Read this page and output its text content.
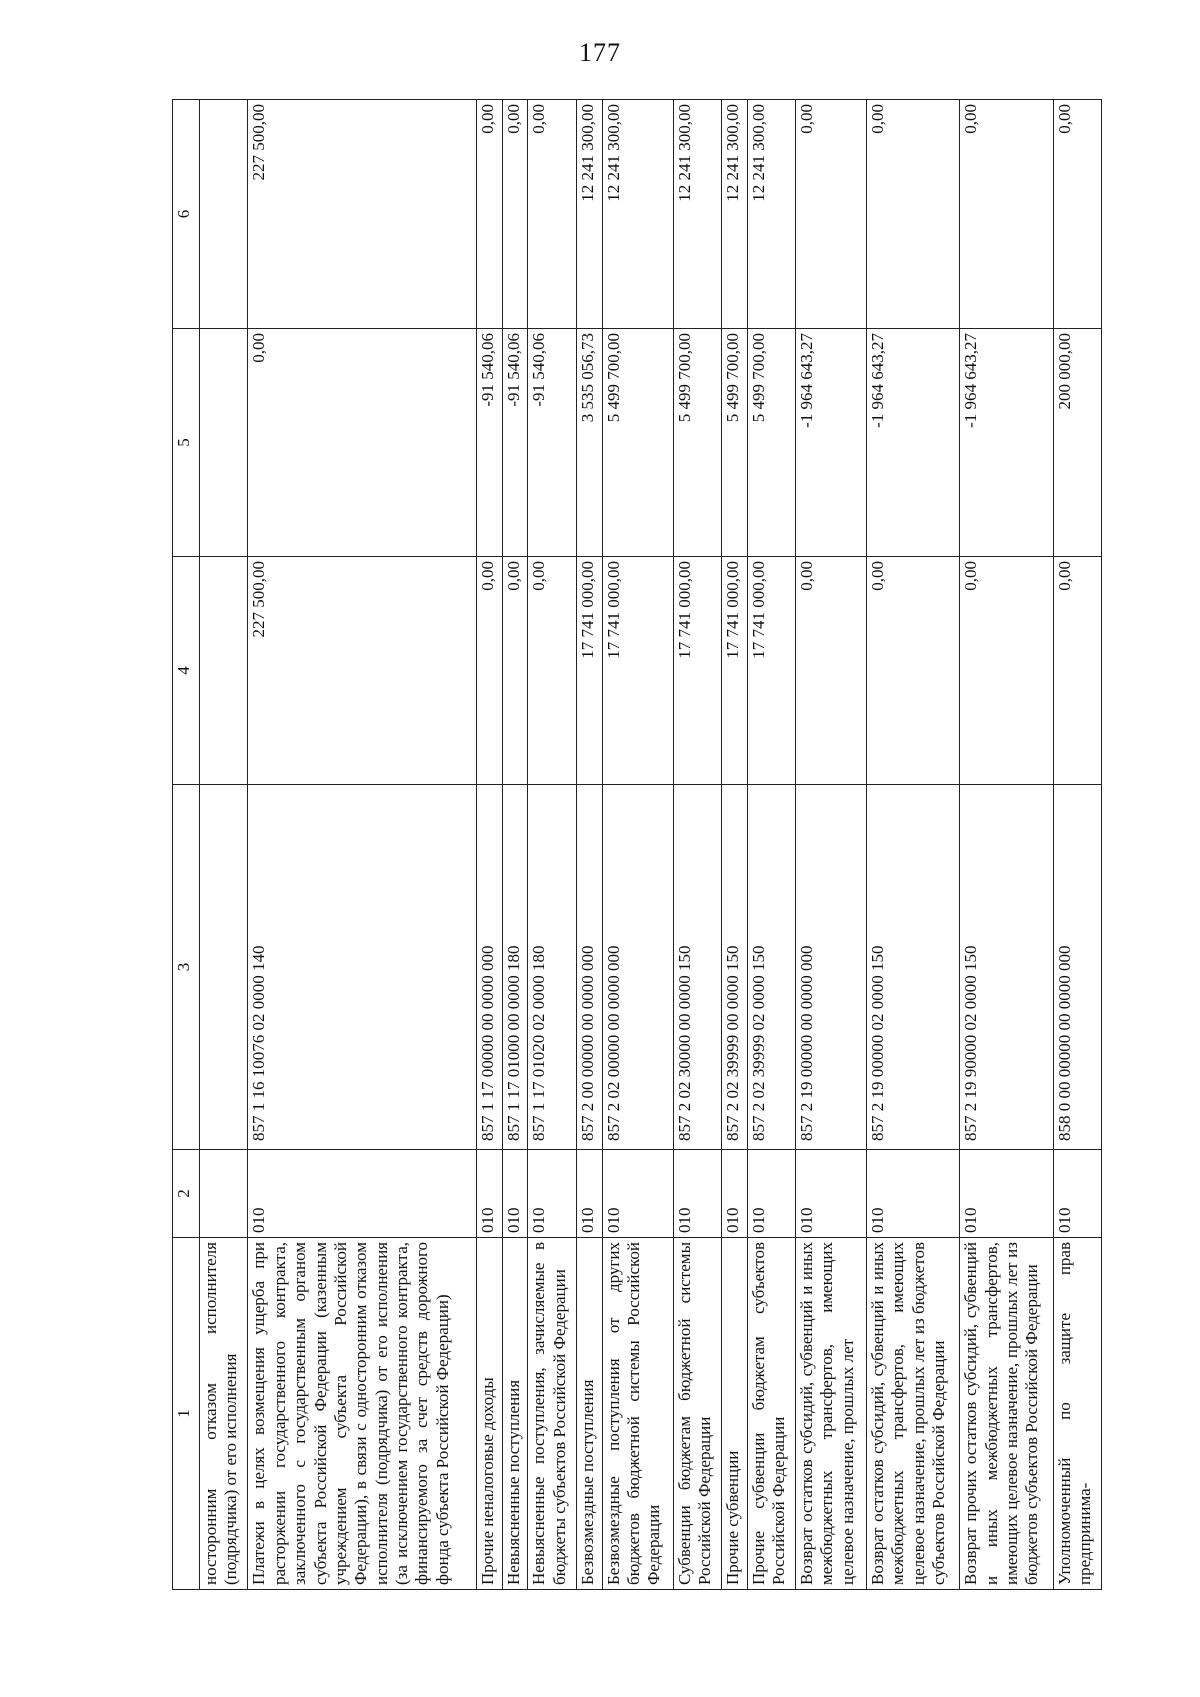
177
1	2	3	4	5	6
носторонним отказом исполнителя (подрядчика) от его исполнения					
Платежи в целях возмещения ущерба при расторжении государственного контракта, заключенного с государственным органом субъекта Российской Федерации (казенным учреждением субъекта Российской Федерации), в связи с односторонним отказом исполнителя (подрядчика) от его исполнения (за исключением государственного контракта, финансируемого за счет средств дорожного фонда субъекта Российской Федерации)	010	857 1 16 10076 02 0000 140	227 500,00	0,00	227 500,00
Прочие неналоговые доходы	010	857 1 17 00000 00 0000 000	0,00	-91 540,06	0,00
Невыясненные поступления	010	857 1 17 01000 00 0000 180	0,00	-91 540,06	0,00
Невыясненные поступления, зачисляемые в бюджеты субъектов Российской Федерации	010	857 1 17 01020 02 0000 180	0,00	-91 540,06	0,00
Безвозмездные поступления	010	857 2 00 00000 00 0000 000	17 741 000,00	3 535 056,73	12 241 300,00
Безвозмездные поступления от других бюджетов бюджетной системы Российской Федерации	010	857 2 02 00000 00 0000 000	17 741 000,00	5 499 700,00	12 241 300,00
Субвенции бюджетам бюджетной системы Российской Федерации	010	857 2 02 30000 00 0000 150	17 741 000,00	5 499 700,00	12 241 300,00
Прочие субвенции	010	857 2 02 39999 00 0000 150	17 741 000,00	5 499 700,00	12 241 300,00
Прочие субвенции бюджетам субъектов Российской Федерации	010	857 2 02 39999 02 0000 150	17 741 000,00	5 499 700,00	12 241 300,00
Возврат остатков субсидий, субвенций и иных межбюджетных трансфертов, имеющих целевое назначение, прошлых лет	010	857 2 19 00000 00 0000 000	0,00	-1 964 643,27	0,00
Возврат остатков субсидий, субвенций и иных межбюджетных трансфертов, имеющих целевое назначение, прошлых лет из бюджетов субъектов Российской Федерации	010	857 2 19 00000 02 0000 150	0,00	-1 964 643,27	0,00
Возврат прочих остатков субсидий, субвенций и иных межбюджетных трансфертов, имеющих целевое назначение, прошлых лет из бюджетов субъектов Российской Федерации	010	857 2 19 90000 02 0000 150	0,00	-1 964 643,27	0,00
Уполномоченный по защите прав предпринима-	010	858 0 00 00000 00 0000 000	0,00	200 000,00	0,00
